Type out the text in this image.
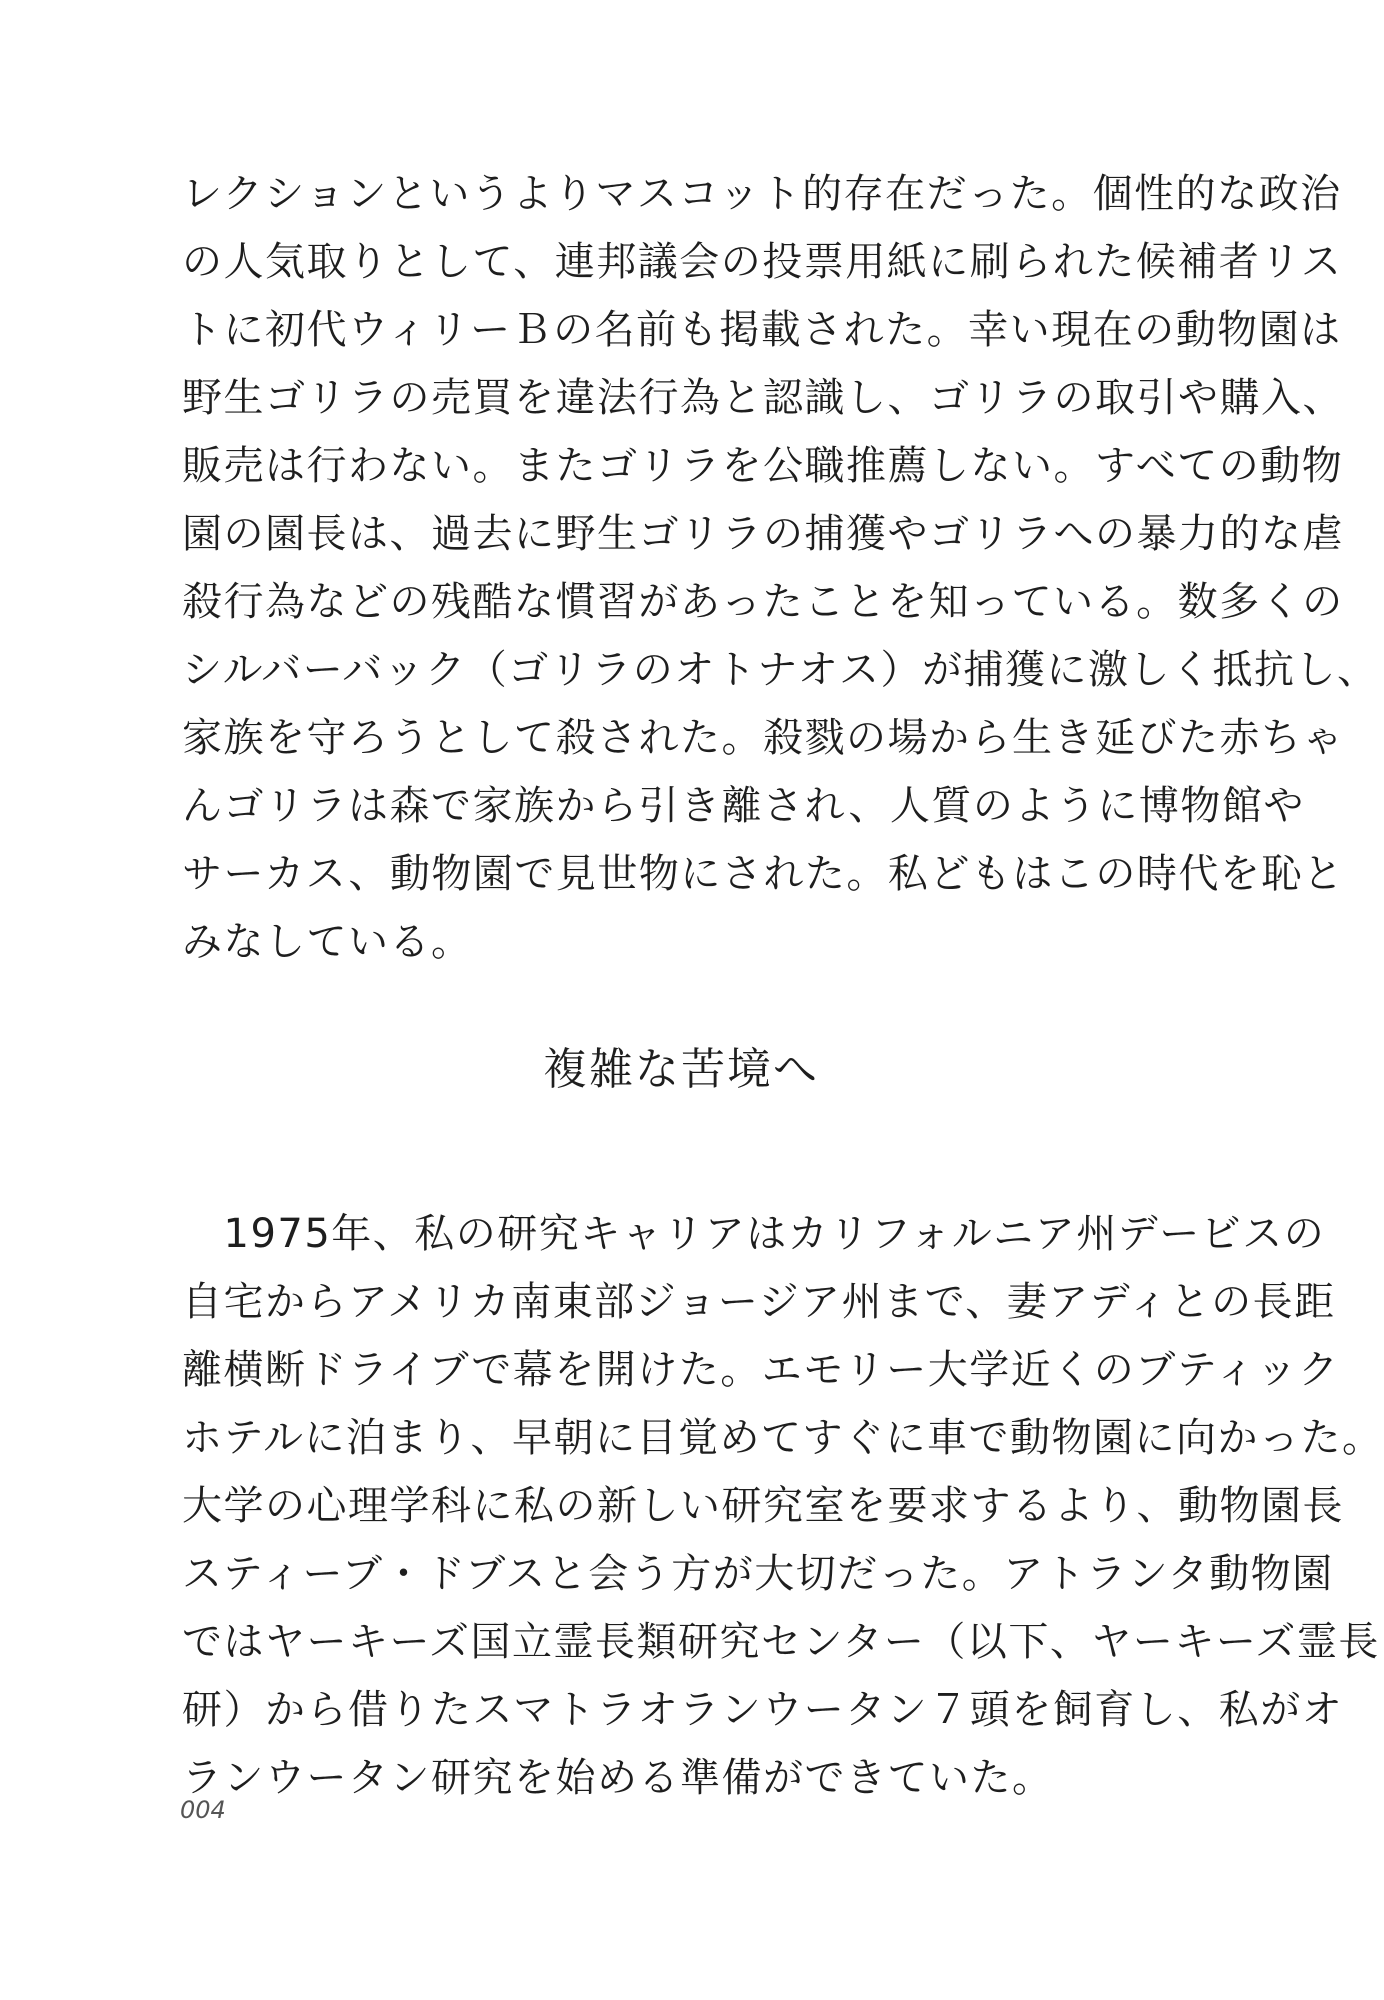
レクションというよりマスコット的存在だった。個性的な政治
の人気取りとして、連邦議会の投票用紙に刷られた候補者リス
トに初代ウィリーＢの名前も掲載された。幸い現在の動物園は
野生ゴリラの売買を違法行為と認識し、ゴリラの取引や購入、
販売は行わない。またゴリラを公職推薦しない。すべての動物
園の園長は、過去に野生ゴリラの捕獲やゴリラへの暴力的な虐
殺行為などの残酷な慣習があったことを知っている。数多くの
シルバーバック（ゴリラのオトナオス）が捕獲に激しく抵抗し、
家族を守ろうとして殺された。殺戮の場から生き延びた赤ちゃ
んゴリラは森で家族から引き離され、人質のように博物館や
サーカス、動物園で見世物にされた。私どもはこの時代を恥と
みなしている。
複雑な苦境へ
　1975年、私の研究キャリアはカリフォルニア州デービスの
自宅からアメリカ南東部ジョージア州まで、妻アディとの長距
離横断ドライブで幕を開けた。エモリー大学近くのブティック
ホテルに泊まり、早朝に目覚めてすぐに車で動物園に向かった。
大学の心理学科に私の新しい研究室を要求するより、動物園長
スティーブ・ドブスと会う方が大切だった。アトランタ動物園
ではヤーキーズ国立霊長類研究センター（以下、ヤーキーズ霊長
研）から借りたスマトラオランウータン７頭を飼育し、私がオ
ランウータン研究を始める準備ができていた。
004
